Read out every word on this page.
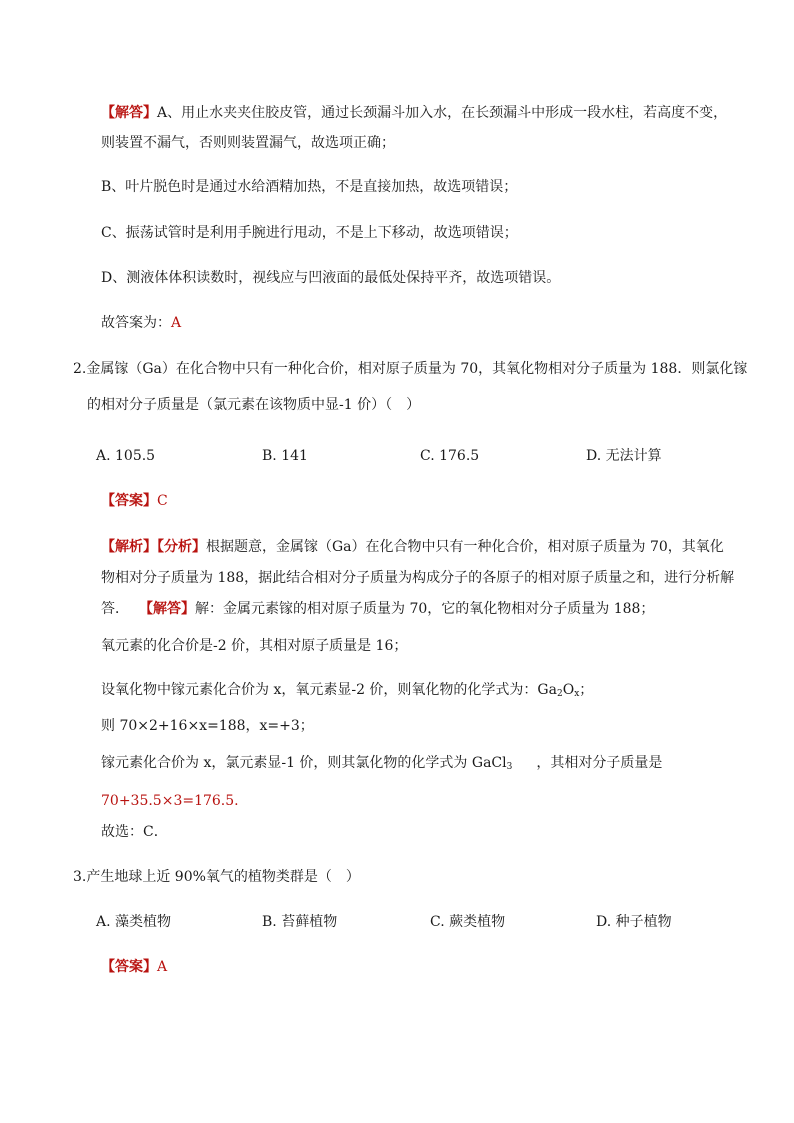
【解答】A、用止水夹夹住胶皮管，通过长颈漏斗加入水，在长颈漏斗中形成一段水柱，若高度不变，
则装置不漏气，否则则装置漏气，故选项正确；
B、叶片脱色时是通过水给酒精加热，不是直接加热，故选项错误；
C、振荡试管时是利用手腕进行甩动，不是上下移动，故选项错误；
D、测液体体积读数时，视线应与凹液面的最低处保持平齐，故选项错误。
故答案为：A
2.金属镓（Ga）在化合物中只有一种化合价，相对原子质量为 70，其氧化物相对分子质量为 188．则氯化镓
的相对分子质量是（氯元素在该物质中显-1 价）（　）
A. 105.5	B. 141	C. 176.5	D. 无法计算
【答案】C
【解析】【分析】根据题意，金属镓（Ga）在化合物中只有一种化合价，相对原子质量为 70，其氧化
物相对分子质量为 188，据此结合相对分子质量为构成分子的各原子的相对原子质量之和，进行分析解
答． 【解答】解：金属元素镓的相对原子质量为 70，它的氧化物相对分子质量为 188；
氧元素的化合价是-2 价，其相对原子质量是 16；
设氧化物中镓元素化合价为 x，氧元素显-2 价，则氧化物的化学式为：$Ga_2O_x$；
则 70×2+16×x=188，x=+3；
镓元素化合价为 x，氯元素显-1 价，则其氯化物的化学式为 GaCl$_3$ ，其相对分子质量是
70+35.5×3=176.5.
故选：C．
3.产生地球上近 90%氧气的植物类群是（　）
A. 藻类植物	B. 苔藓植物	C. 蕨类植物	D. 种子植物
【答案】A
